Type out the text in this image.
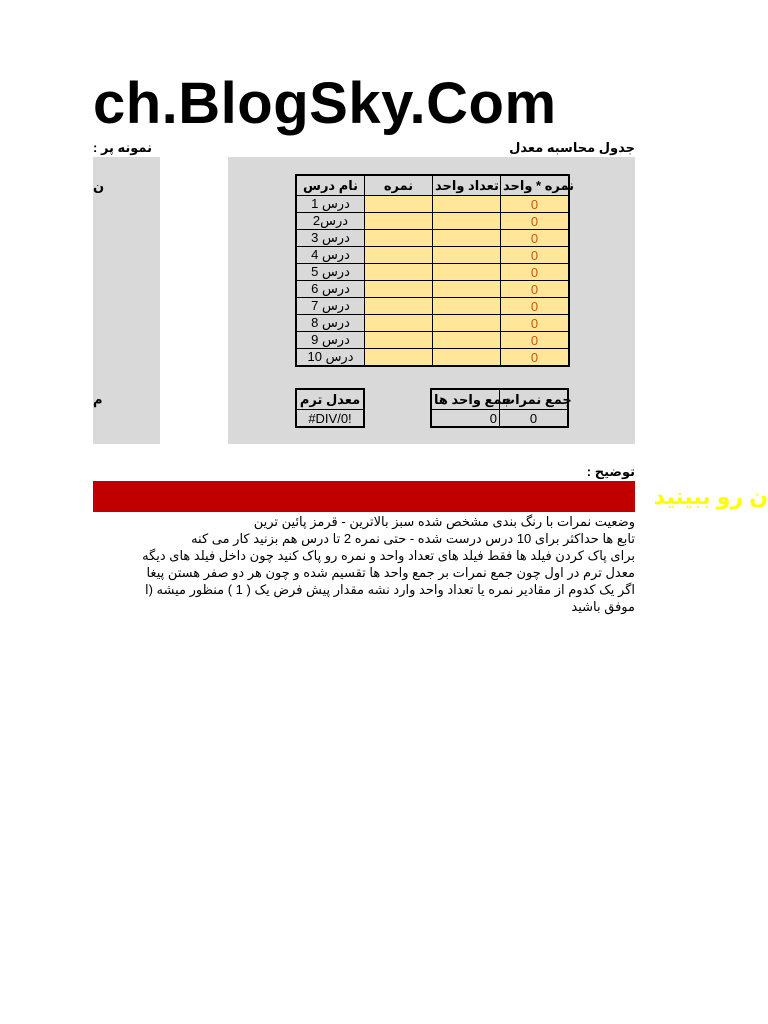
ch.BlogSky.Com
نمونه پر :	جدول محاسبه معدل
ن
م
نام درس	نمره	تعداد واحد	نمره * واحد
درس 1			0
درس2			0
درس 3			0
درس 4			0
درس 5			0
درس 6			0
درس 7			0
درس 8			0
درس 9			0
درس 10			0
معدل ترم
#DIV/0!
جمع واحد ها	جمع نمرات
0	0
توضیح :
ن رو ببینید
وضعیت نمرات با رنگ بندی مشخص شده سبز بالاترین - قرمز پائین ترین
تابع ها حداکثر برای 10 درس درست شده - حتی نمره 2 تا درس هم بزنید کار می کنه
برای پاک کردن فیلد ها فقط فیلد های تعداد واحد و نمره رو پاک کنید چون داخل فیلد های دیگه
معدل ترم در اول چون جمع نمرات بر جمع واحد ها تقسیم شده و چون هر دو صفر هستن پیغا
اگر یک کدوم از مقادیر نمره یا تعداد واحد وارد نشه مقدار پیش فرض یک ( 1 ) منظور میشه (ا
موفق باشید
